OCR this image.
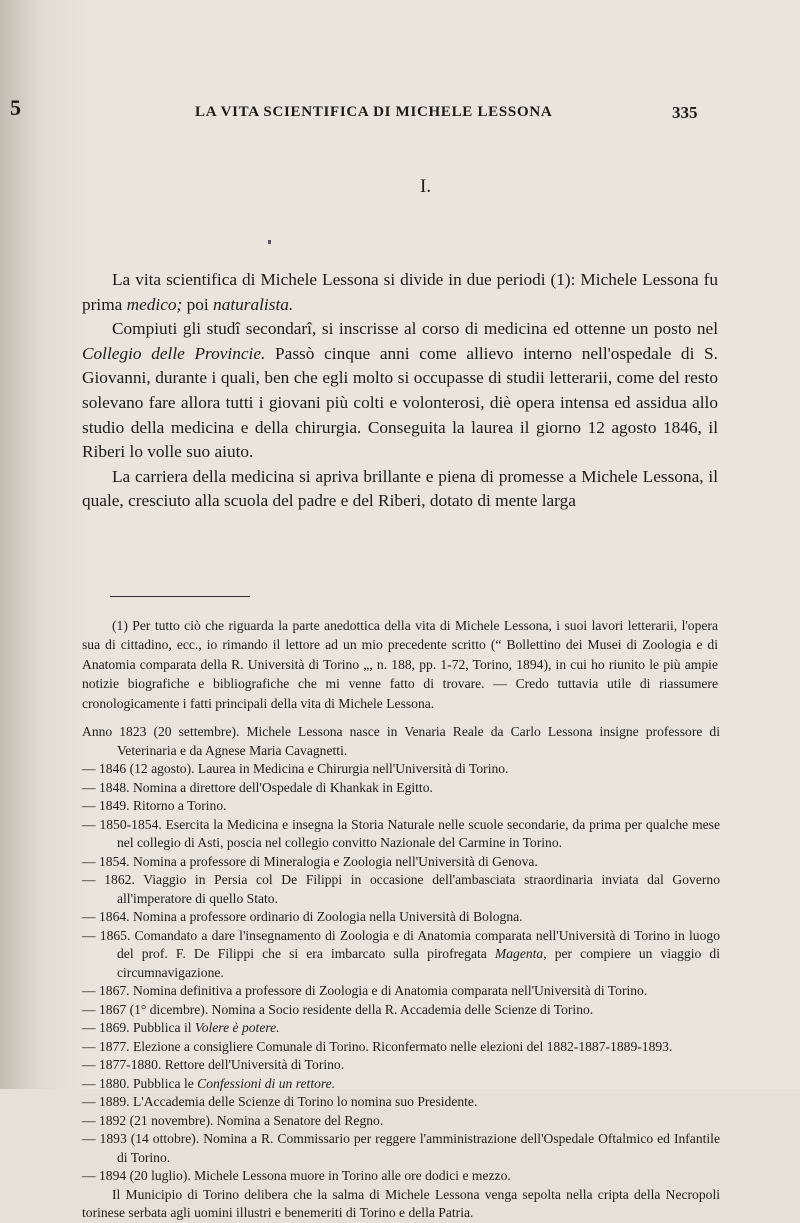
5	LA VITA SCIENTIFICA DI MICHELE LESSONA	335
I.

La vita scientifica di Michele Lessona si divide in due periodi (1): Michele Lessona fu prima medico; poi naturalista.

Compiuti gli studî secondarî, si inscrisse al corso di medicina ed ottenne un posto nel Collegio delle Provincie. Passò cinque anni come allievo interno nell'ospedale di S. Giovanni, durante i quali, ben che egli molto si occupasse di studii letterarii, come del resto solevano fare allora tutti i giovani più colti e volonterosi, diè opera intensa ed assidua allo studio della medicina e della chirurgia. Conseguita la laurea il giorno 12 agosto 1846, il Riberi lo volle suo aiuto.

La carriera della medicina si apriva brillante e piena di promesse a Michele Lessona, il quale, cresciuto alla scuola del padre e del Riberi, dotato di mente larga

(1) Per tutto ciò che riguarda la parte anedottica della vita di Michele Lessona, i suoi lavori letterarii, l'opera sua di cittadino, ecc., io rimando il lettore ad un mio precedente scritto (“ Bollettino dei Musei di Zoologia e di Anatomia comparata della R. Università di Torino „, n. 188, pp. 1-72, Torino, 1894), in cui ho riunito le più ampie notizie biografiche e bibliografiche che mi venne fatto di trovare. — Credo tuttavia utile di riassumere cronologicamente i fatti principali della vita di Michele Lessona.

Anno 1823 (20 settembre). Michele Lessona nasce in Venaria Reale da Carlo Lessona insigne professore di Veterinaria e da Agnese Maria Cavagnetti.

— 1846 (12 agosto). Laurea in Medicina e Chirurgia nell'Università di Torino.

— 1848. Nomina a direttore dell'Ospedale di Khankak in Egitto.

— 1849. Ritorno a Torino.

— 1850-1854. Esercita la Medicina e insegna la Storia Naturale nelle scuole secondarie, da prima per qualche mese nel collegio di Asti, poscia nel collegio convitto Nazionale del Carmine in Torino.

— 1854. Nomina a professore di Mineralogia e Zoologia nell'Università di Genova.

— 1862. Viaggio in Persia col De Filippi in occasione dell'ambasciata straordinaria inviata dal Governo all'imperatore di quello Stato.

— 1864. Nomina a professore ordinario di Zoologia nella Università di Bologna.

— 1865. Comandato a dare l'insegnamento di Zoologia e di Anatomia comparata nell'Università di Torino in luogo del prof. F. De Filippi che si era imbarcato sulla pirofregata Magenta, per compiere un viaggio di circumnavigazione.

— 1867. Nomina definitiva a professore di Zoologia e di Anatomia comparata nell'Università di Torino.

— 1867 (1° dicembre). Nomina a Socio residente della R. Accademia delle Scienze di Torino.

— 1869. Pubblica il Volere è potere.

— 1877. Elezione a consigliere Comunale di Torino. Riconfermato nelle elezioni del 1882-1887-1889-1893.

— 1877-1880. Rettore dell'Università di Torino.

— 1880. Pubblica le Confessioni di un rettore.

— 1889. L'Accademia delle Scienze di Torino lo nomina suo Presidente.

— 1892 (21 novembre). Nomina a Senatore del Regno.

— 1893 (14 ottobre). Nomina a R. Commissario per reggere l'amministrazione dell'Ospedale Oftalmico ed Infantile di Torino.

— 1894 (20 luglio). Michele Lessona muore in Torino alle ore dodici e mezzo.

Il Municipio di Torino delibera che la salma di Michele Lessona venga sepolta nella cripta della Necropoli torinese serbata agli uomini illustri e benemeriti di Torino e della Patria.
